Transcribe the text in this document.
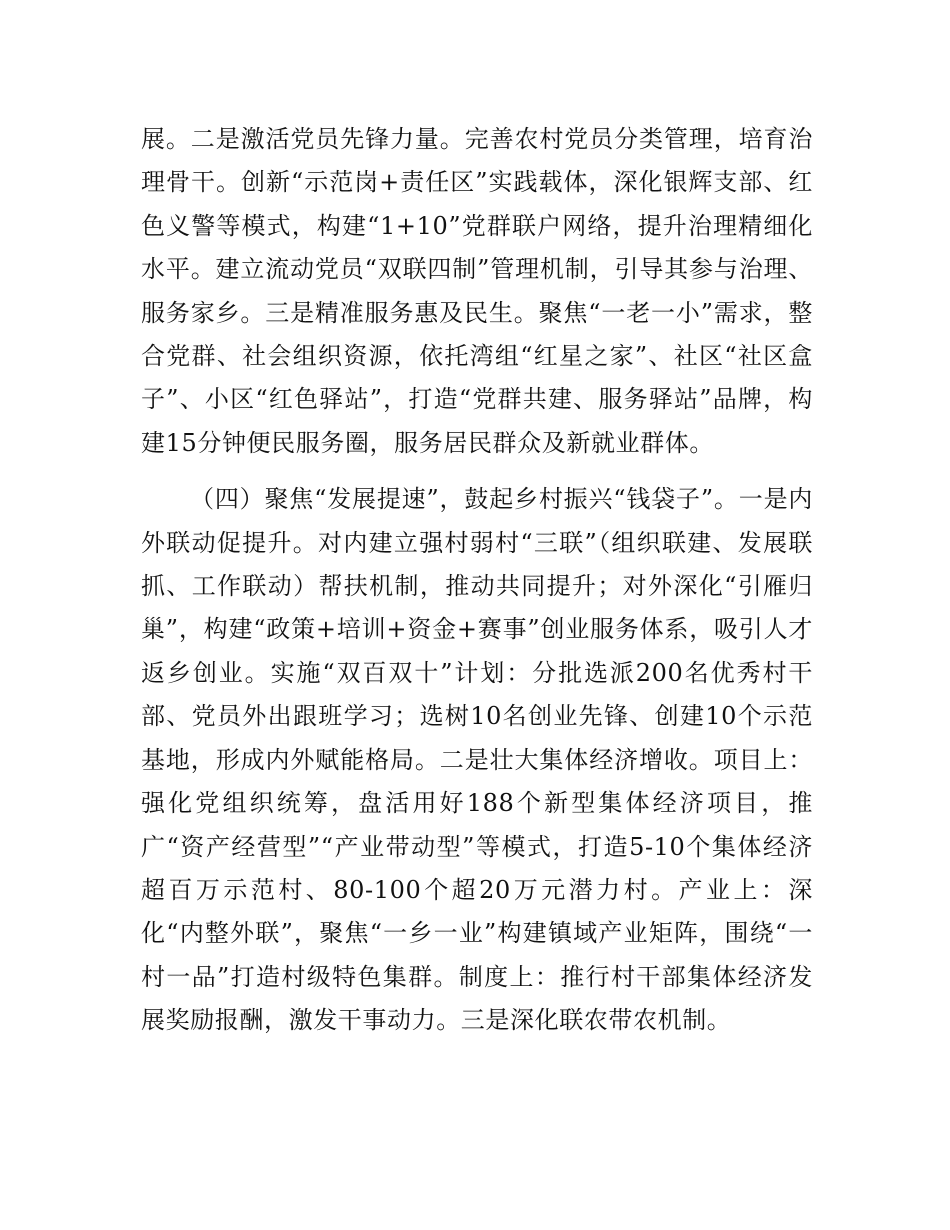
展。二是激活党员先锋力量。完善农村党员分类管理，培育治理骨干。创新“示范岗+责任区”实践载体，深化银辉支部、红色义警等模式，构建“1+10”党群联户网络，提升治理精细化水平。建立流动党员“双联四制”管理机制，引导其参与治理、服务家乡。三是精准服务惠及民生。聚焦“一老一小”需求，整合党群、社会组织资源，依托湾组“红星之家”、社区“社区盒子”、小区“红色驿站”，打造“党群共建、服务驿站”品牌，构建15分钟便民服务圈，服务居民群众及新就业群体。

（四）聚焦“发展提速”，鼓起乡村振兴“钱袋子”。一是内外联动促提升。对内建立强村弱村“三联”（组织联建、发展联抓、工作联动）帮扶机制，推动共同提升；对外深化“引雁归巢”，构建“政策+培训+资金+赛事”创业服务体系，吸引人才返乡创业。实施“双百双十”计划：分批选派200名优秀村干部、党员外出跟班学习；选树10名创业先锋、创建10个示范基地，形成内外赋能格局。二是壮大集体经济增收。项目上：强化党组织统筹，盘活用好188个新型集体经济项目，推广“资产经营型”“产业带动型”等模式，打造5-10个集体经济超百万示范村、80-100个超20万元潜力村。产业上：深化“内整外联”，聚焦“一乡一业”构建镇域产业矩阵，围绕“一村一品”打造村级特色集群。制度上：推行村干部集体经济发展奖励报酬，激发干事动力。三是深化联农带农机制。
